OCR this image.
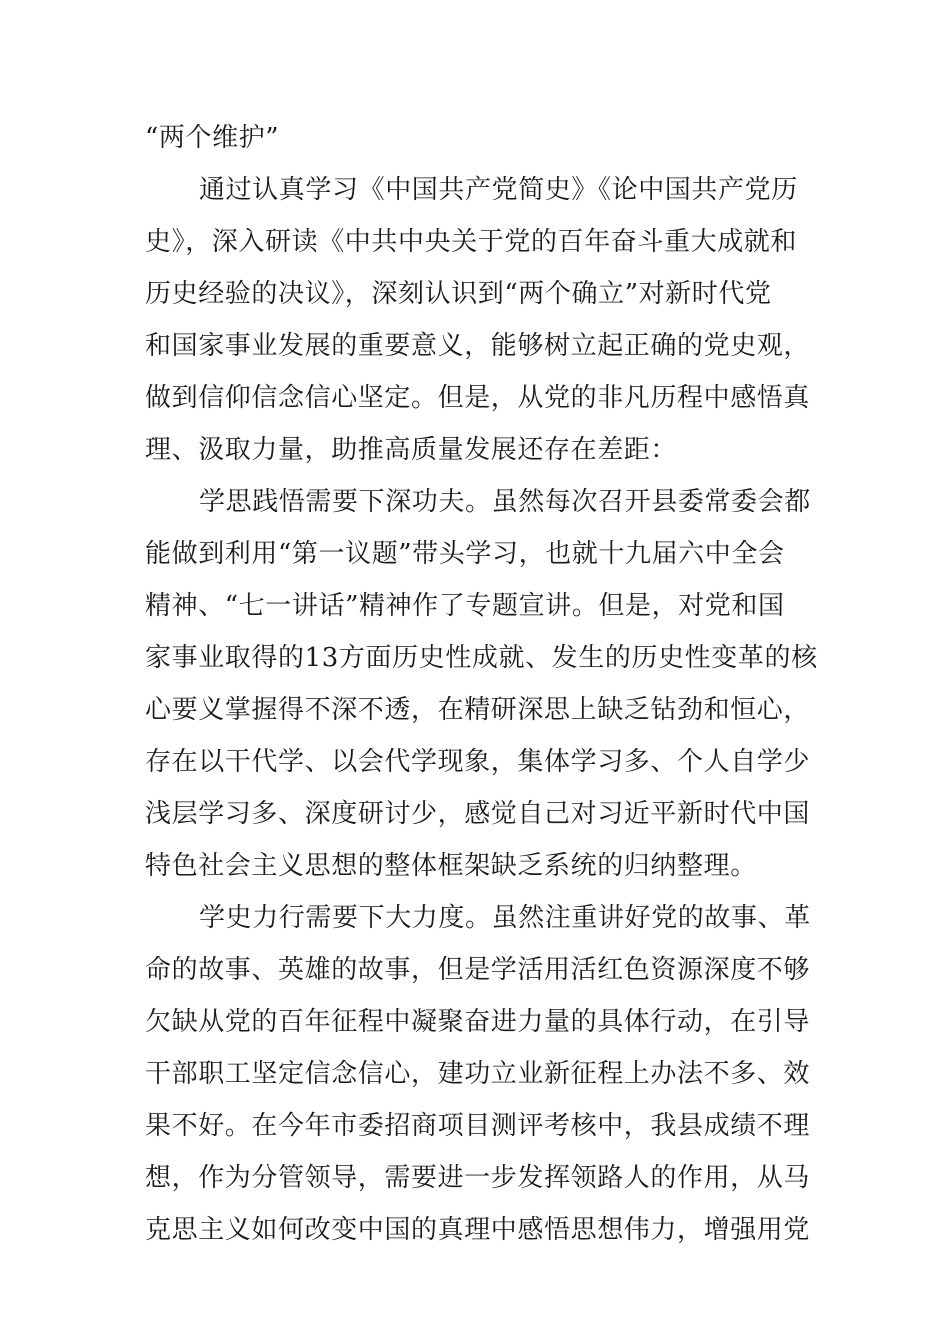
“两个维护”
通过认真学习《中国共产党简史》《论中国共产党历
史》，深入研读《中共中央关于党的百年奋斗重大成就和
历史经验的决议》，深刻认识到“两个确立”对新时代党
和国家事业发展的重要意义，能够树立起正确的党史观，
做到信仰信念信心坚定。但是，从党的非凡历程中感悟真
理、汲取力量，助推高质量发展还存在差距：
学思践悟需要下深功夫。虽然每次召开县委常委会都
能做到利用“第一议题”带头学习，也就十九届六中全会
精神、“七一讲话”精神作了专题宣讲。但是，对党和国
家事业取得的13方面历史性成就、发生的历史性变革的核
心要义掌握得不深不透，在精研深思上缺乏钻劲和恒心，
存在以干代学、以会代学现象，集体学习多、个人自学少
浅层学习多、深度研讨少，感觉自己对习近平新时代中国
特色社会主义思想的整体框架缺乏系统的归纳整理。
学史力行需要下大力度。虽然注重讲好党的故事、革
命的故事、英雄的故事，但是学活用活红色资源深度不够
欠缺从党的百年征程中凝聚奋进力量的具体行动，在引导
干部职工坚定信念信心，建功立业新征程上办法不多、效
果不好。在今年市委招商项目测评考核中，我县成绩不理
想，作为分管领导，需要进一步发挥领路人的作用，从马
克思主义如何改变中国的真理中感悟思想伟力，增强用党
